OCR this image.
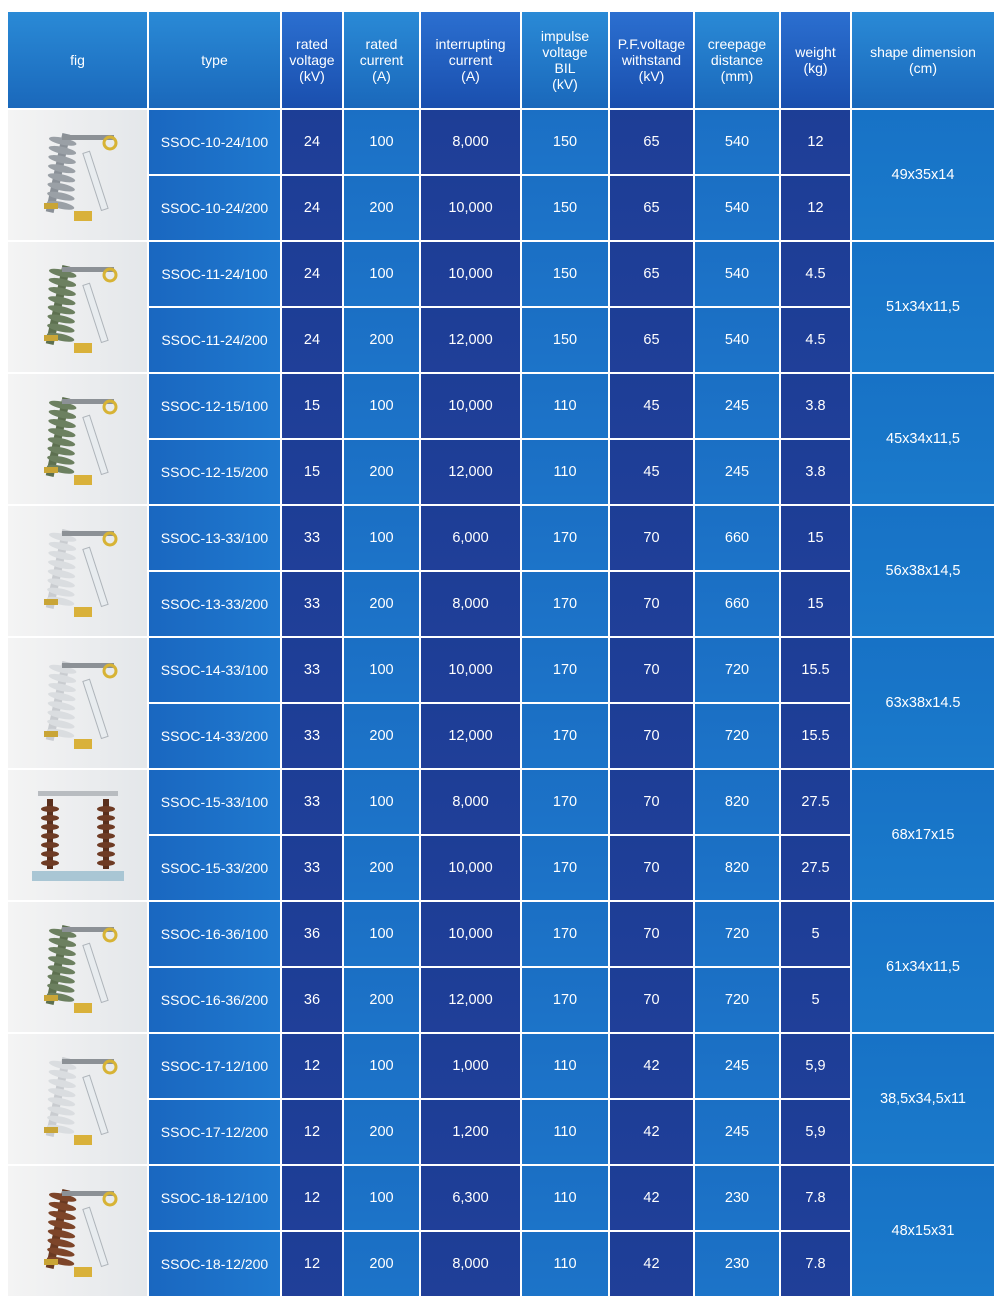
fig	type	rated
voltage
(kV)	rated
current
(A)	interrupting
current
(A)	impulse
voltage
BIL
(kV)	P.F.voltage
withstand
(kV)	creepage
distance
(mm)	weight
(kg)	shape dimension
(cm)

	SSOC-10-24/100	24	100	8,000	150	65	540	12	49x35x14
	SSOC-10-24/200	24	200	10,000	150	65	540	12	

	SSOC-11-24/100	24	100	10,000	150	65	540	4.5	51x34x11,5
	SSOC-11-24/200	24	200	12,000	150	65	540	4.5	

	SSOC-12-15/100	15	100	10,000	110	45	245	3.8	45x34x11,5
	SSOC-12-15/200	15	200	12,000	110	45	245	3.8	

	SSOC-13-33/100	33	100	6,000	170	70	660	15	56x38x14,5
	SSOC-13-33/200	33	200	8,000	170	70	660	15	

	SSOC-14-33/100	33	100	10,000	170	70	720	15.5	63x38x14.5
	SSOC-14-33/200	33	200	12,000	170	70	720	15.5	

	SSOC-15-33/100	33	100	8,000	170	70	820	27.5	68x17x15
	SSOC-15-33/200	33	200	10,000	170	70	820	27.5	

	SSOC-16-36/100	36	100	10,000	170	70	720	5	61x34x11,5
	SSOC-16-36/200	36	200	12,000	170	70	720	5	

	SSOC-17-12/100	12	100	1,000	110	42	245	5,9	38,5x34,5x11
	SSOC-17-12/200	12	200	1,200	110	42	245	5,9	

	SSOC-18-12/100	12	100	6,300	110	42	230	7.8	48x15x31
	SSOC-18-12/200	12	200	8,000	110	42	230	7.8	
